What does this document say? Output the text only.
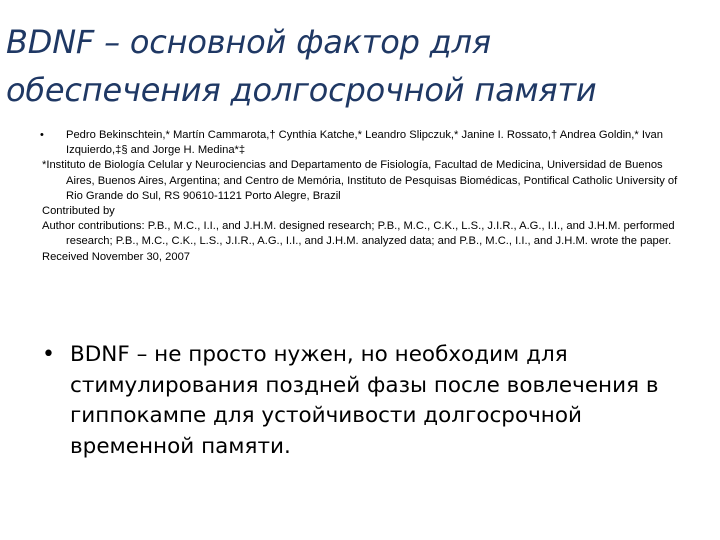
BDNF – основной фактор для обеспечения долгосрочной памяти

• Pedro Bekinschtein,* Martín Cammarota,† Cynthia Katche,* Leandro Slipczuk,* Janine I. Rossato,† Andrea Goldin,* Ivan Izquierdo,‡§ and Jorge H. Medina*‡

*Instituto de Biología Celular y Neurociencias and Departamento de Fisiología, Facultad de Medicina, Universidad de Buenos Aires, Buenos Aires, Argentina; and Centro de Memória, Instituto de Pesquisas Biomédicas, Pontifical Catholic University of Rio Grande do Sul, RS 90610-1121 Porto Alegre, Brazil

Contributed by

Author contributions: P.B., M.C., I.I., and J.H.M. designed research; P.B., M.C., C.K., L.S., J.I.R., A.G., I.I., and J.H.M. performed research; P.B., M.C., C.K., L.S., J.I.R., A.G., I.I., and J.H.M. analyzed data; and P.B., M.C., I.I., and J.H.M. wrote the paper.

Received November 30, 2007

• BDNF – не просто нужен, но необходим для стимулирования поздней фазы после вовлечения в гиппокампе для устойчивости долгосрочной временной памяти.
